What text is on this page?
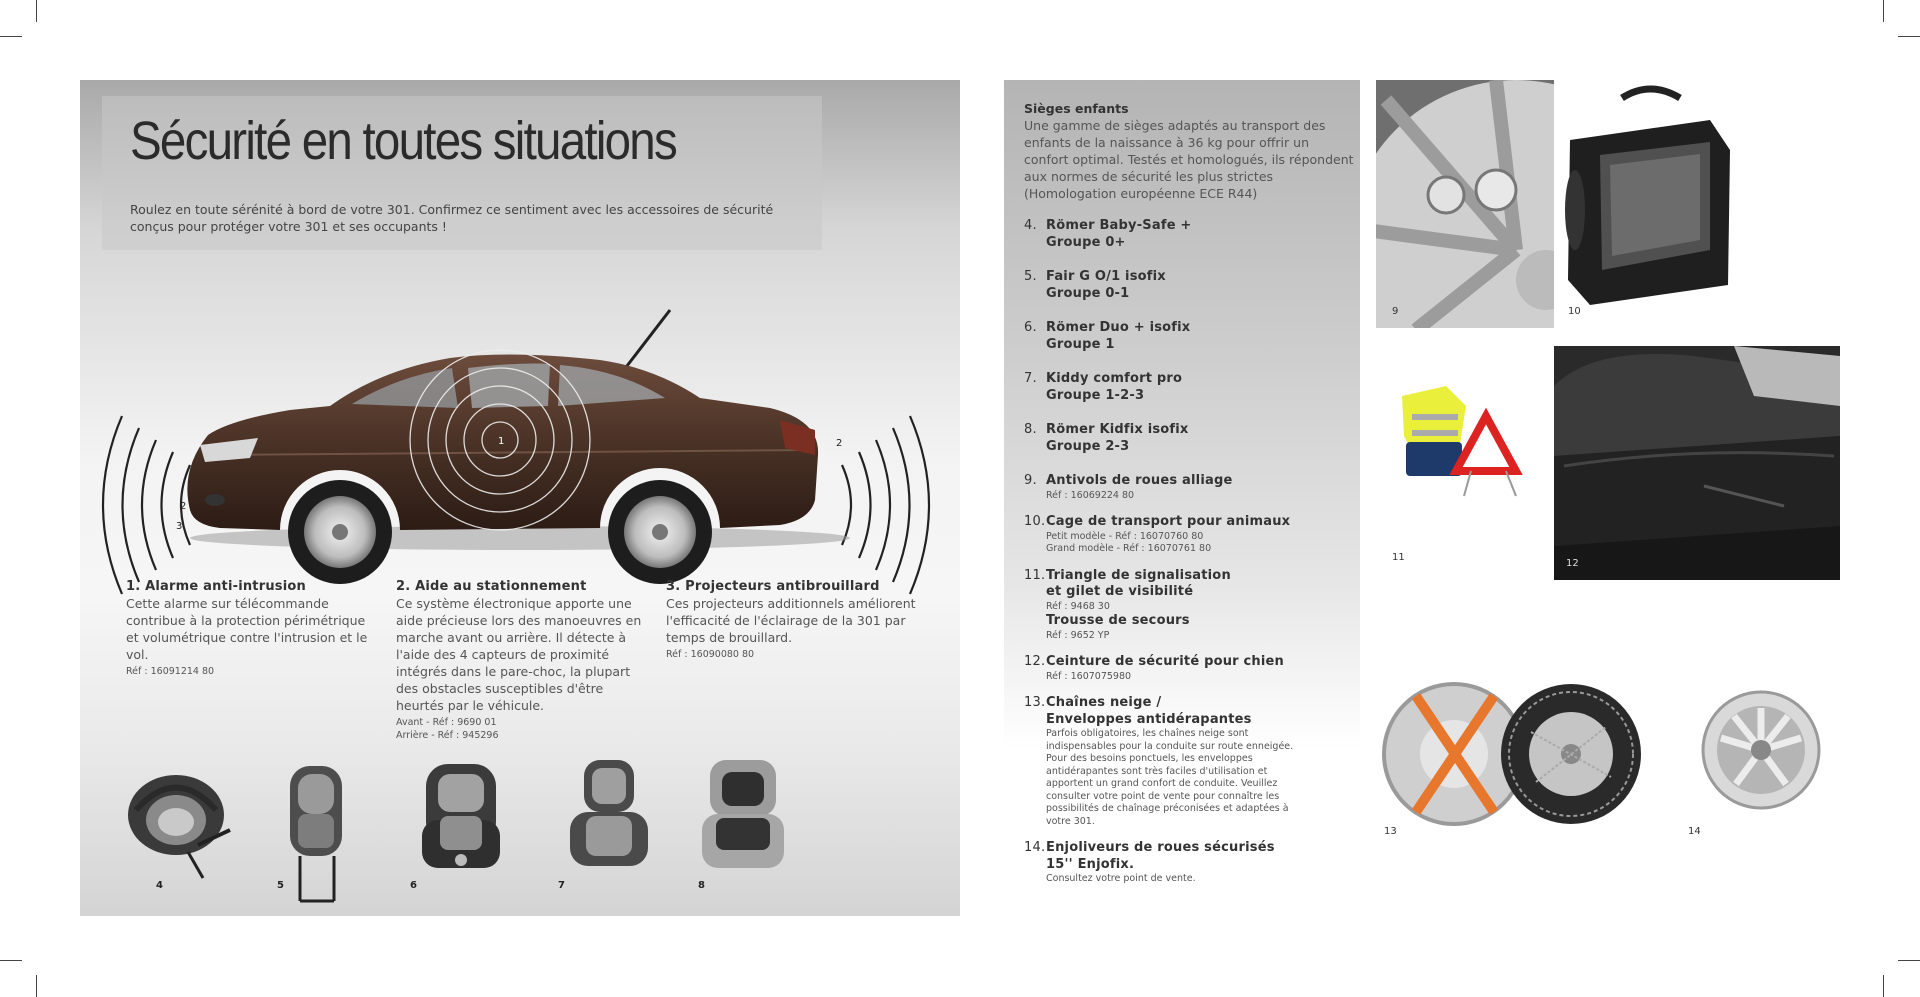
Sécurité en toutes situations
Roulez en toute sérénité à bord de votre 301. Confirmez ce sentiment avec les accessoires de sécurité conçus pour protéger votre 301 et ses occupants !
1
2
2
3
1. Alarme anti-intrusion
Cette alarme sur télécommande contribue à la protection périmétrique et volumétrique contre l'intrusion et le vol.
Réf : 16091214 80
2. Aide au stationnement
Ce système électronique apporte une aide précieuse lors des manoeuvres en marche avant ou arrière. Il détecte à l'aide des 4 capteurs de proximité intégrés dans le pare-choc, la plupart des obstacles susceptibles d'être heurtés par le véhicule.
Avant - Réf : 9690 01
Arrière - Réf : 945296
3. Projecteurs antibrouillard
Ces projecteurs additionnels améliorent l'efficacité de l'éclairage de la 301 par temps de brouillard.
Réf : 16090080 80
4	5	6	7	8
Sièges enfants
Une gamme de sièges adaptés au transport des enfants de la naissance à 36 kg pour offrir un confort optimal. Testés et homologués, ils répondent aux normes de sécurité les plus strictes (Homologation européenne ECE R44)
4. Römer Baby-Safe +
Groupe 0+
5. Fair G O/1 isofix
Groupe 0-1
6. Römer Duo + isofix
Groupe 1
7. Kiddy comfort pro
Groupe 1-2-3
8. Römer Kidfix isofix
Groupe 2-3
9. Antivols de roues alliage
Réf : 16069224 80
10.Cage de transport pour animaux
Petit modèle - Réf : 16070760 80
Grand modèle - Réf : 16070761 80
11.Triangle de signalisation
et gilet de visibilité
Réf : 9468 30
Trousse de secours
Réf : 9652 YP
12.Ceinture de sécurité pour chien
Réf : 1607075980
13.Chaînes neige /
Enveloppes antidérapantes
Parfois obligatoires, les chaînes neige sont indispensables pour la conduite sur route enneigée. Pour des besoins ponctuels, les enveloppes antidérapantes sont très faciles d'utilisation et apportent un grand confort de conduite. Veuillez consulter votre point de vente pour connaître les possibilités de chaînage préconisées et adaptées à votre 301.
14.Enjoliveurs de roues sécurisés
15'' Enjofix.
Consultez votre point de vente.
9	10
11
12
13	14
